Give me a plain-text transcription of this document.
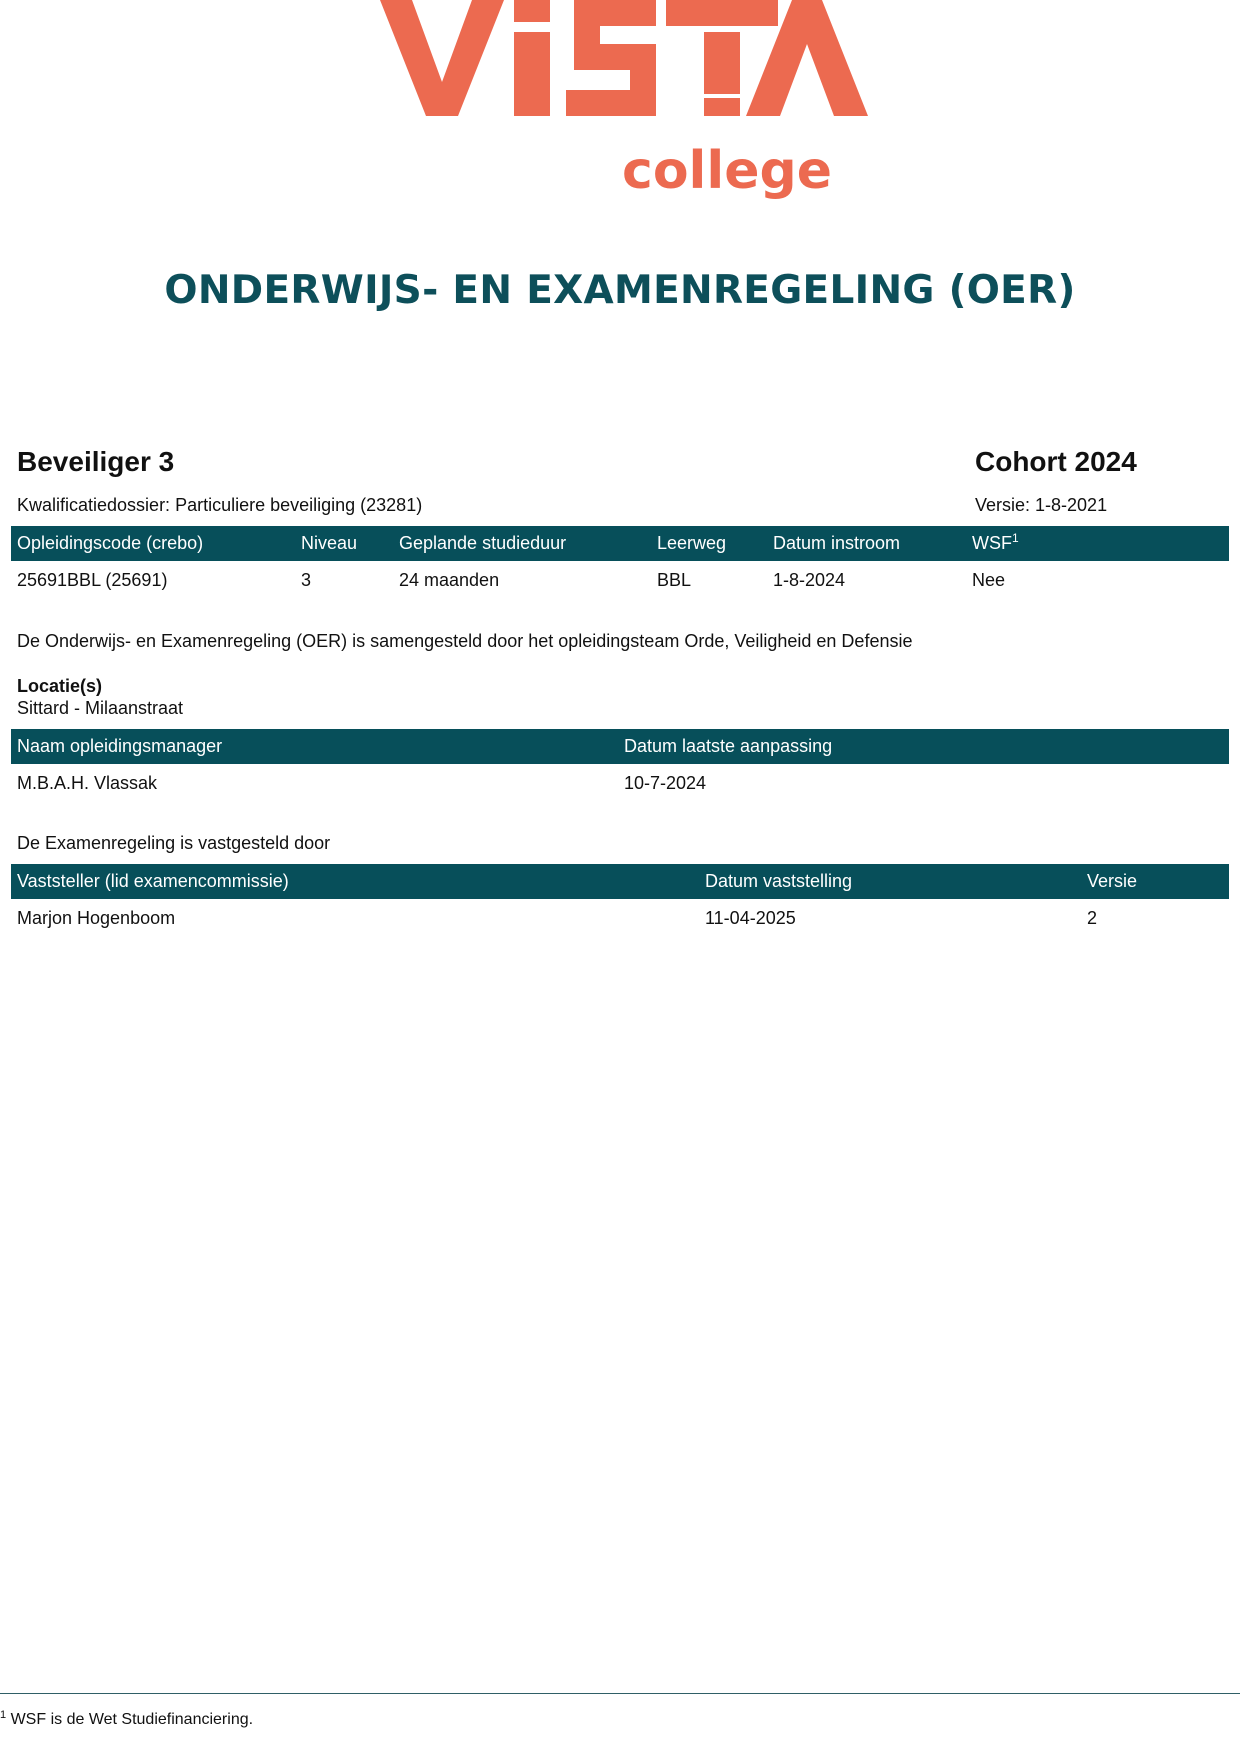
college
ONDERWIJS- EN EXAMENREGELING (OER)
Beveiliger 3	Cohort 2024
Kwalificatiedossier: Particuliere beveiliging (23281)	Versie: 1-8-2021
Opleidingscode (crebo)	Niveau	Geplande studieduur	Leerweg	Datum instroom	WSF$^1$
25691BBL (25691)	3	24 maanden	BBL	1-8-2024	Nee
De Onderwijs- en Examenregeling (OER) is samengesteld door het opleidingsteam Orde, Veiligheid en Defensie
Locatie(s)
Sittard - Milaanstraat
Naam opleidingsmanager	Datum laatste aanpassing
M.B.A.H. Vlassak	10-7-2024
De Examenregeling is vastgesteld door
Vaststeller (lid examencommissie)	Datum vaststelling	Versie
Marjon Hogenboom	11-04-2025	2
$^1$ WSF is de Wet Studiefinanciering.
